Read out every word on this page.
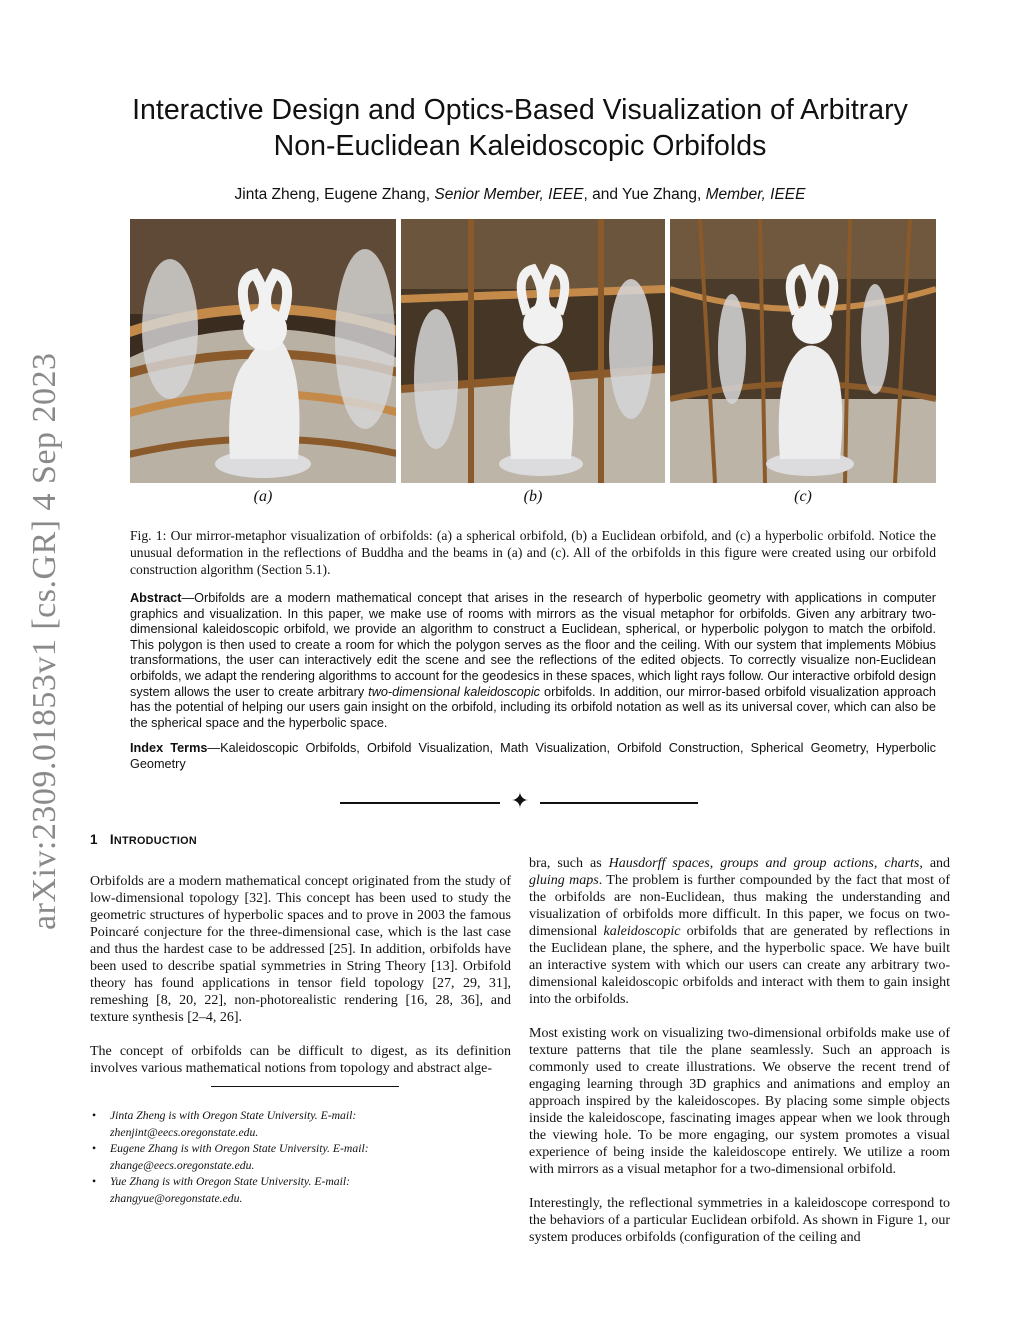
arXiv:2309.01853v1 [cs.GR] 4 Sep 2023
Interactive Design and Optics-Based Visualization of Arbitrary
Non-Euclidean Kaleidoscopic Orbifolds
Jinta Zheng, Eugene Zhang, Senior Member, IEEE, and Yue Zhang, Member, IEEE
(a)	(b)	(c)
Fig. 1: Our mirror-metaphor visualization of orbifolds: (a) a spherical orbifold, (b) a Euclidean orbifold, and (c) a hyperbolic orbifold. Notice the unusual deformation in the reflections of Buddha and the beams in (a) and (c). All of the orbifolds in this figure were created using our orbifold construction algorithm (Section 5.1).
Abstract—Orbifolds are a modern mathematical concept that arises in the research of hyperbolic geometry with applications in computer graphics and visualization. In this paper, we make use of rooms with mirrors as the visual metaphor for orbifolds. Given any arbitrary two-dimensional kaleidoscopic orbifold, we provide an algorithm to construct a Euclidean, spherical, or hyperbolic polygon to match the orbifold. This polygon is then used to create a room for which the polygon serves as the floor and the ceiling. With our system that implements Möbius transformations, the user can interactively edit the scene and see the reflections of the edited objects. To correctly visualize non-Euclidean orbifolds, we adapt the rendering algorithms to account for the geodesics in these spaces, which light rays follow. Our interactive orbifold design system allows the user to create arbitrary two-dimensional kaleidoscopic orbifolds. In addition, our mirror-based orbifold visualization approach has the potential of helping our users gain insight on the orbifold, including its orbifold notation as well as its universal cover, which can also be the spherical space and the hyperbolic space.
Index Terms—Kaleidoscopic Orbifolds, Orbifold Visualization, Math Visualization, Orbifold Construction, Spherical Geometry, Hyperbolic Geometry
✦
1 INTRODUCTION

Orbifolds are a modern mathematical concept originated from the study of low-dimensional topology [32]. This concept has been used to study the geometric structures of hyperbolic spaces and to prove in 2003 the famous Poincaré conjecture for the three-dimensional case, which is the last case and thus the hardest case to be addressed [25]. In addition, orbifolds have been used to describe spatial symmetries in String Theory [13]. Orbifold theory has found applications in tensor field topology [27, 29, 31], remeshing [8, 20, 22], non-photorealistic rendering [16, 28, 36], and texture synthesis [2–4, 26].

The concept of orbifolds can be difficult to digest, as its definition involves various mathematical notions from topology and abstract alge-

• Jinta Zheng is with Oregon State University. E-mail:
zhenjint@eecs.oregonstate.edu.
• Eugene Zhang is with Oregon State University. E-mail:
zhange@eecs.oregonstate.edu.
• Yue Zhang is with Oregon State University. E-mail:
zhangyue@oregonstate.edu.

bra, such as Hausdorff spaces, groups and group actions, charts, and gluing maps. The problem is further compounded by the fact that most of the orbifolds are non-Euclidean, thus making the understanding and visualization of orbifolds more difficult. In this paper, we focus on two-dimensional kaleidoscopic orbifolds that are generated by reflections in the Euclidean plane, the sphere, and the hyperbolic space. We have built an interactive system with which our users can create any arbitrary two-dimensional kaleidoscopic orbifolds and interact with them to gain insight into the orbifolds.

Most existing work on visualizing two-dimensional orbifolds make use of texture patterns that tile the plane seamlessly. Such an approach is commonly used to create illustrations. We observe the recent trend of engaging learning through 3D graphics and animations and employ an approach inspired by the kaleidoscopes. By placing some simple objects inside the kaleidoscope, fascinating images appear when we look through the viewing hole. To be more engaging, our system promotes a visual experience of being inside the kaleidoscope entirely. We utilize a room with mirrors as a visual metaphor for a two-dimensional orbifold.

Interestingly, the reflectional symmetries in a kaleidoscope correspond to the behaviors of a particular Euclidean orbifold. As shown in Figure 1, our system produces orbifolds (configuration of the ceiling and
